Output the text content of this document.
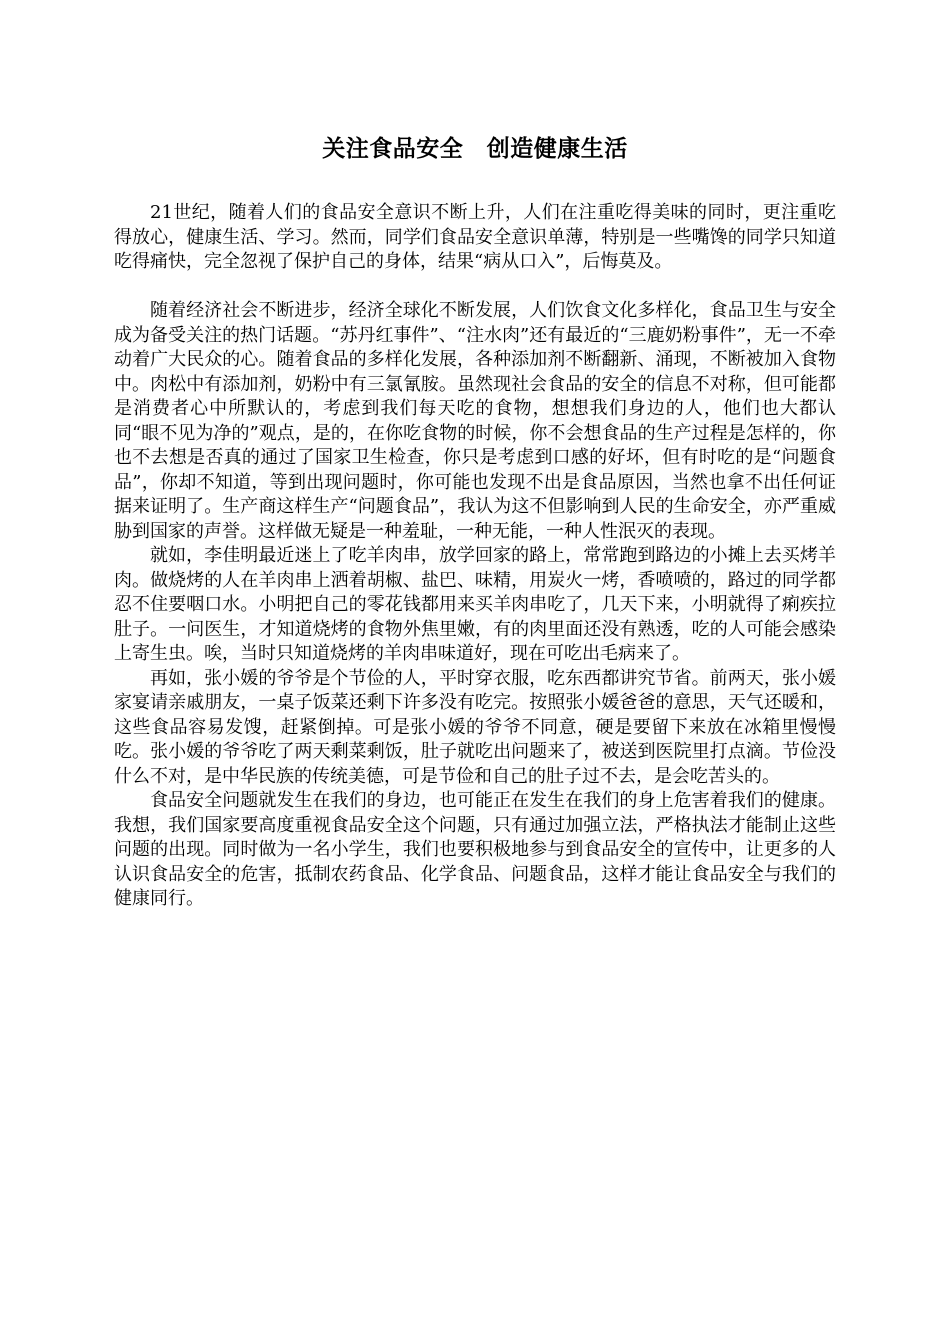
关注食品安全　创造健康生活

21世纪，随着人们的食品安全意识不断上升，人们在注重吃得美味的同时，更注重吃得放心，健康生活、学习。然而，同学们食品安全意识单薄，特别是一些嘴馋的同学只知道吃得痛快，完全忽视了保护自己的身体，结果“病从口入”，后悔莫及。

随着经济社会不断进步，经济全球化不断发展，人们饮食文化多样化，食品卫生与安全成为备受关注的热门话题。“苏丹红事件”、“注水肉”还有最近的“三鹿奶粉事件”，无一不牵动着广大民众的心。随着食品的多样化发展，各种添加剂不断翻新、涌现，不断被加入食物中。肉松中有添加剂，奶粉中有三氯氰胺。虽然现社会食品的安全的信息不对称，但可能都是消费者心中所默认的，考虑到我们每天吃的食物，想想我们身边的人，他们也大都认同“眼不见为净的”观点，是的，在你吃食物的时候，你不会想食品的生产过程是怎样的，你也不去想是否真的通过了国家卫生检查，你只是考虑到口感的好坏，但有时吃的是“问题食品”，你却不知道，等到出现问题时，你可能也发现不出是食品原因，当然也拿不出任何证据来证明了。生产商这样生产“问题食品”，我认为这不但影响到人民的生命安全，亦严重威胁到国家的声誉。这样做无疑是一种羞耻，一种无能，一种人性泯灭的表现。

就如，李佳明最近迷上了吃羊肉串，放学回家的路上，常常跑到路边的小摊上去买烤羊肉。做烧烤的人在羊肉串上洒着胡椒、盐巴、味精，用炭火一烤，香喷喷的，路过的同学都忍不住要咽口水。小明把自己的零花钱都用来买羊肉串吃了，几天下来，小明就得了痢疾拉肚子。一问医生，才知道烧烤的食物外焦里嫩，有的肉里面还没有熟透，吃的人可能会感染上寄生虫。唉，当时只知道烧烤的羊肉串味道好，现在可吃出毛病来了。

再如，张小媛的爷爷是个节俭的人，平时穿衣服，吃东西都讲究节省。前两天，张小媛家宴请亲戚朋友，一桌子饭菜还剩下许多没有吃完。按照张小媛爸爸的意思，天气还暖和，这些食品容易发馊，赶紧倒掉。可是张小媛的爷爷不同意，硬是要留下来放在冰箱里慢慢吃。张小媛的爷爷吃了两天剩菜剩饭，肚子就吃出问题来了，被送到医院里打点滴。节俭没什么不对，是中华民族的传统美德，可是节俭和自己的肚子过不去，是会吃苦头的。

食品安全问题就发生在我们的身边，也可能正在发生在我们的身上危害着我们的健康。我想，我们国家要高度重视食品安全这个问题，只有通过加强立法，严格执法才能制止这些问题的出现。同时做为一名小学生，我们也要积极地参与到食品安全的宣传中，让更多的人认识食品安全的危害，抵制农药食品、化学食品、问题食品，这样才能让食品安全与我们的健康同行。
